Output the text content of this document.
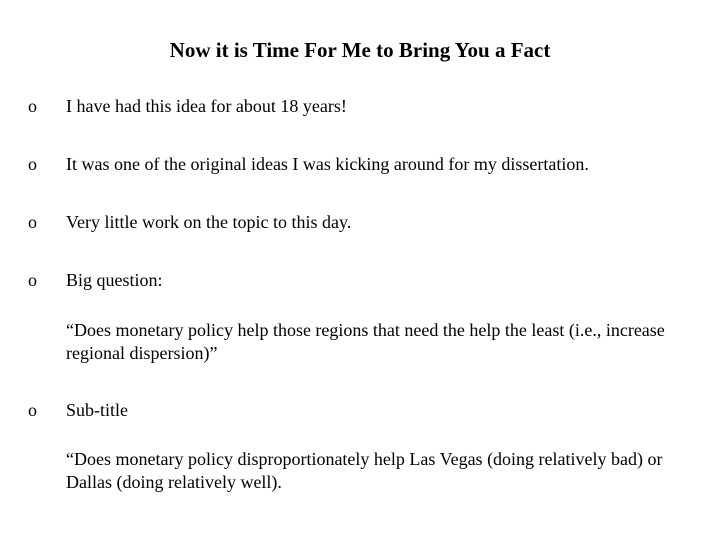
Now it is Time For Me to Bring You a Fact
o I have had this idea for about 18 years!
o It was one of the original ideas I was kicking around for my dissertation.
o Very little work on the topic to this day.
o Big question:
“Does monetary policy help those regions that need the help the least (i.e., increase regional dispersion)”
o Sub-title
“Does monetary policy disproportionately help Las Vegas (doing relatively bad) or Dallas (doing relatively well).
